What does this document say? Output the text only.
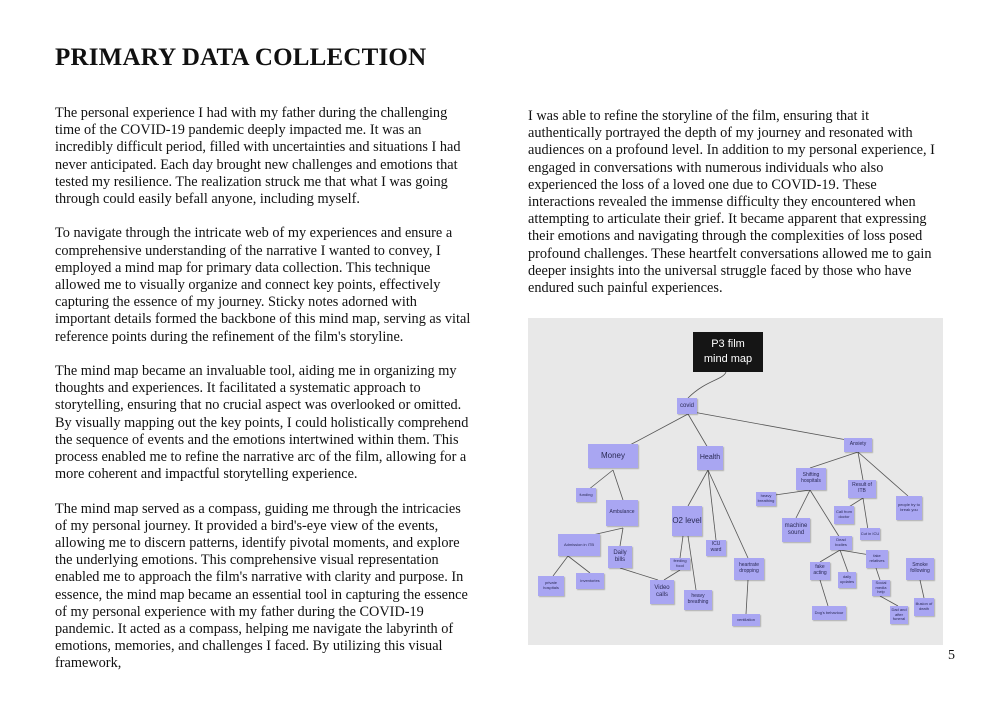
PRIMARY DATA COLLECTION

The personal experience I had with my father during the challenging time of the COVID-19 pandemic deeply impacted me. It was an incredibly difficult period, filled with uncertainties and situations I had never anticipated. Each day brought new challenges and emotions that tested my resilience. The realization struck me that what I was going through could easily befall anyone, including myself.

To navigate through the intricate web of my experiences and ensure a comprehensive understanding of the narrative I wanted to convey, I employed a mind map for primary data collection. This technique allowed me to visually organize and connect key points, effectively capturing the essence of my journey. Sticky notes adorned with important details formed the backbone of this mind map, serving as vital reference points during the refinement of the film's storyline.

The mind map became an invaluable tool, aiding me in organizing my thoughts and experiences. It facilitated a systematic approach to storytelling, ensuring that no crucial aspect was overlooked or omitted. By visually mapping out the key points, I could holistically comprehend the sequence of events and the emotions intertwined within them. This process enabled me to refine the narrative arc of the film, allowing for a more coherent and impactful storytelling experience.

The mind map served as a compass, guiding me through the intricacies of my personal journey. It provided a bird's-eye view of the events, allowing me to discern patterns, identify pivotal moments, and explore the underlying emotions. This comprehensive visual representation enabled me to approach the film's narrative with clarity and purpose. In essence, the mind map became an essential tool in capturing the essence of my personal experience with my father during the COVID-19 pandemic. It acted as a compass, helping me navigate the labyrinth of emotions, memories, and challenges I faced. By utilizing this visual framework,

I was able to refine the storyline of the film, ensuring that it authentically portrayed the depth of my journey and resonated with audiences on a profound level. In addition to my personal experience, I engaged in conversations with numerous individuals who also experienced the loss of a loved one due to COVID-19. These interactions revealed the immense difficulty they encountered when attempting to articulate their grief. It became apparent that expressing their emotions and navigating through the complexities of loss posed profound challenges. These heartfelt conversations allowed me to gain deeper insights into the universal struggle faced by those who have endured such painful experiences.

P3 film
mind map
covid
Money	Health
Anxiety
funding
Ambulance
Admission in ITB
Daily bills
private hospitals
inventories
O2 level
ICU ward
feeding food
Video calls	heavy breathing
heartrate dropping
ventilation
Shifting hospitals
heavy breathing
Result of ITB
people try to break you
machine sound
Call from doctor
Cut in ICU
Dead bodies
fake relatives
fake acting
daily updates
Smoke following
Social media help
Dog's behaviour
Dad and after funeral
illusion of death
5
